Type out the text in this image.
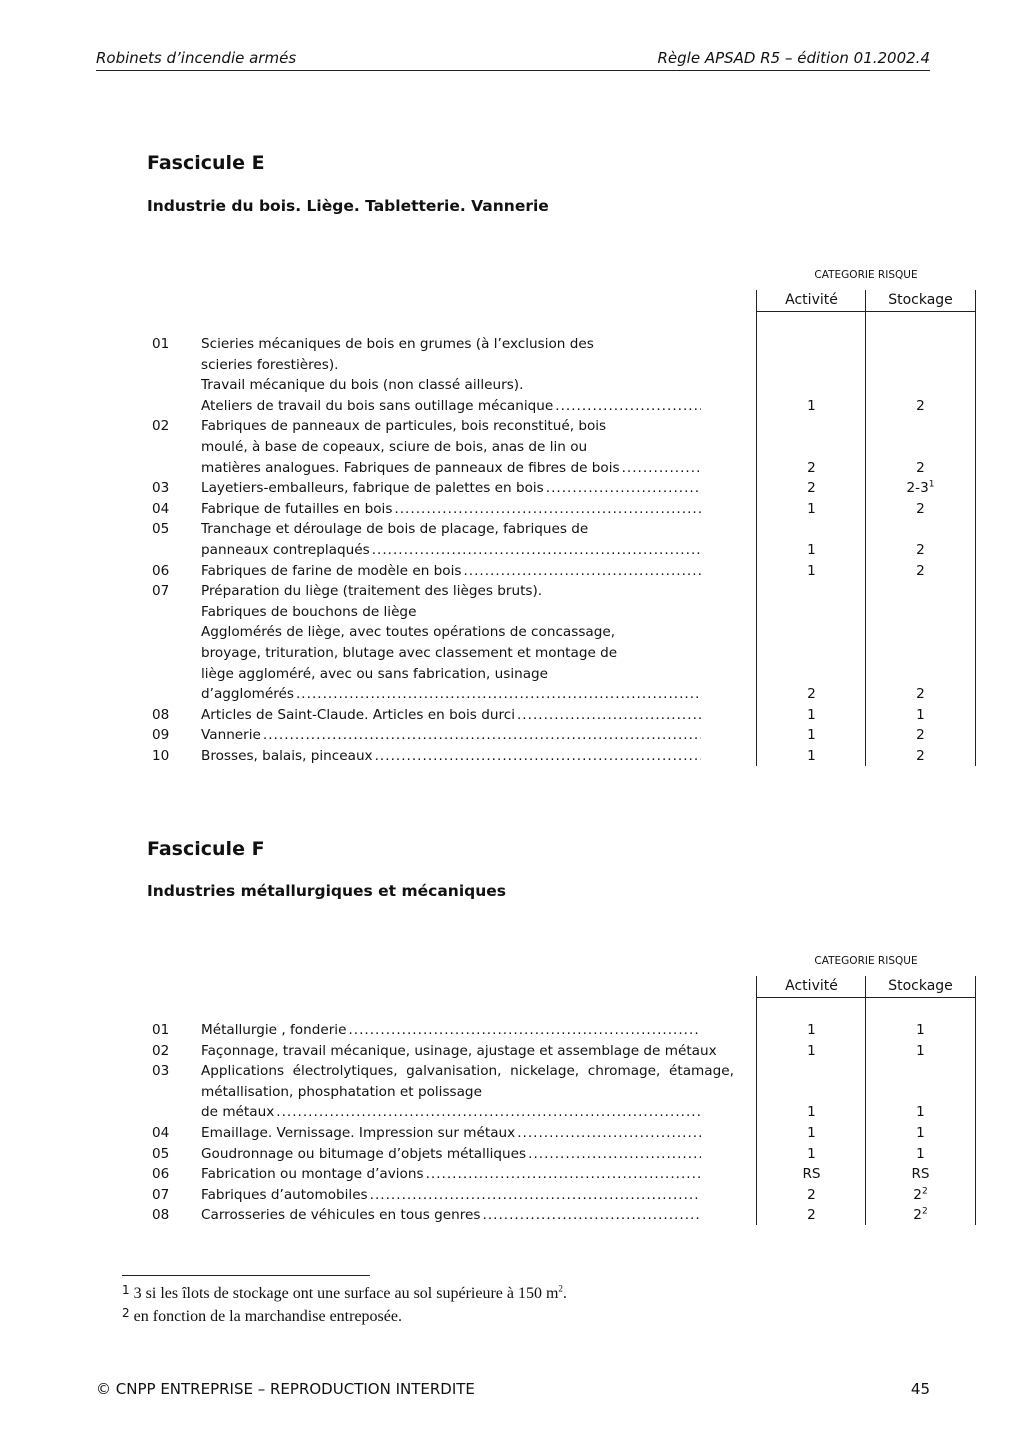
Robinets d’incendie armés	Règle APSAD R5 – édition 01.2002.4
Fascicule E
Industrie du bois. Liège. Tabletterie. Vannerie
CATEGORIE RISQUE
Activité	Stockage
01 Scieries mécaniques de bois en grumes (à l’exclusion des
scieries forestières).
Travail mécanique du bois (non classé ailleurs).
Ateliers de travail du bois sans outillage mécanique .....	1	2
02 Fabriques de panneaux de particules, bois reconstitué, bois
moulé, à base de copeaux, sciure de bois, anas de lin ou
matières analogues. Fabriques de panneaux de fibres de bois .....	2	2
03 Layetiers-emballeurs, fabrique de palettes en bois .....	2	$2-3^1$
04 Fabrique de futailles en bois .....	1	2
05 Tranchage et déroulage de bois de placage, fabriques de
panneaux contreplaqués .....	1	2
06 Fabriques de farine de modèle en bois .....	1	2
07 Préparation du liège (traitement des lièges bruts).
Fabriques de bouchons de liège
Agglomérés de liège, avec toutes opérations de concassage,
broyage, trituration, blutage avec classement et montage de
liège aggloméré, avec ou sans fabrication, usinage
d’agglomérés .....	2	2
08 Articles de Saint-Claude. Articles en bois durci .....	1	1
09 Vannerie .....	1	2
10 Brosses, balais, pinceaux .....	1	2
Fascicule F
Industries métallurgiques et mécaniques
CATEGORIE RISQUE
Activité	Stockage
01 Métallurgie , fonderie .....	1	1
02 Façonnage, travail mécanique, usinage, ajustage et assemblage de métaux	1	1
03 Applications  électrolytiques,  galvanisation,  nickelage,  chromage,  étamage,
métallisation, phosphatation et polissage
de métaux .....	1	1
04 Emaillage. Vernissage. Impression sur métaux .....	1	1
05 Goudronnage ou bitumage d’objets métalliques .....	1	1
06 Fabrication ou montage d’avions .....	RS	RS
07 Fabriques d’automobiles .....	2	$2^2$
08 Carrosseries de véhicules en tous genres .....	2	$2^2$
$^1$ 3 si les îlots de stockage ont une surface au sol supérieure à 150 $m^2$.
$^2$ en fonction de la marchandise entreposée.
© CNPP ENTREPRISE – REPRODUCTION INTERDITE	45
